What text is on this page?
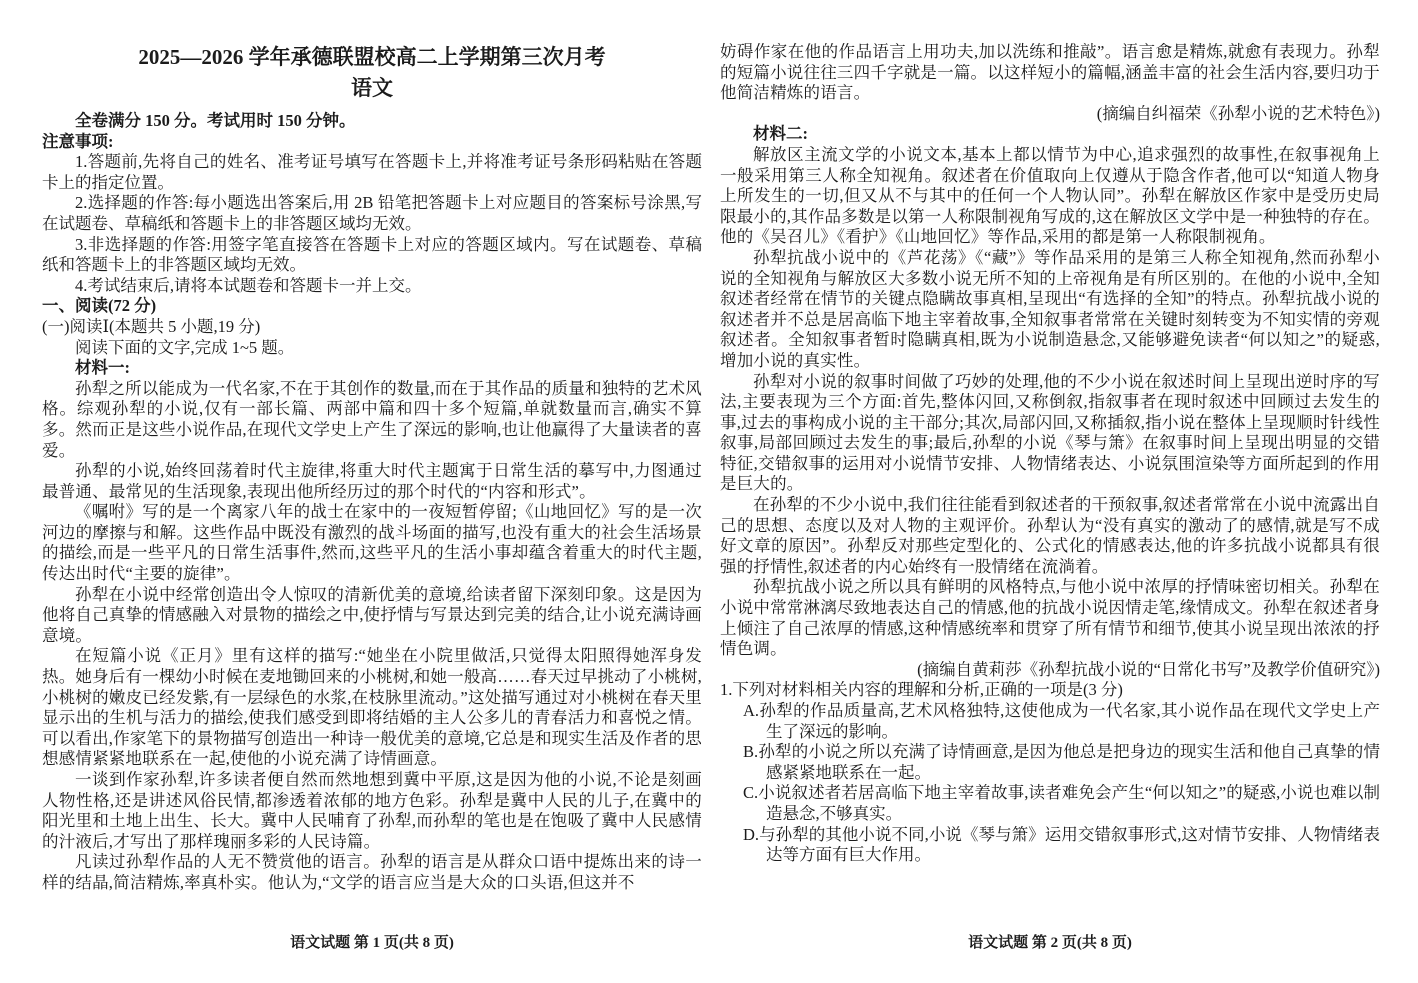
2025—2026 学年承德联盟校高二上学期第三次月考

语文

全卷满分 150 分。考试用时 150 分钟。

注意事项:

1.答题前,先将自己的姓名、准考证号填写在答题卡上,并将准考证号条形码粘贴在答题卡上的指定位置。

2.选择题的作答:每小题选出答案后,用 2B 铅笔把答题卡上对应题目的答案标号涂黑,写在试题卷、草稿纸和答题卡上的非答题区域均无效。

3.非选择题的作答:用签字笔直接答在答题卡上对应的答题区域内。写在试题卷、草稿纸和答题卡上的非答题区域均无效。

4.考试结束后,请将本试题卷和答题卡一并上交。

一、阅读(72 分)

(一)阅读Ⅰ(本题共 5 小题,19 分)

阅读下面的文字,完成 1~5 题。

材料一:

孙犁之所以能成为一代名家,不在于其创作的数量,而在于其作品的质量和独特的艺术风格。综观孙犁的小说,仅有一部长篇、两部中篇和四十多个短篇,单就数量而言,确实不算多。然而正是这些小说作品,在现代文学史上产生了深远的影响,也让他赢得了大量读者的喜爱。

孙犁的小说,始终回荡着时代主旋律,将重大时代主题寓于日常生活的摹写中,力图通过最普通、最常见的生活现象,表现出他所经历过的那个时代的“内容和形式”。

《嘱咐》写的是一个离家八年的战士在家中的一夜短暂停留;《山地回忆》写的是一次河边的摩擦与和解。这些作品中既没有激烈的战斗场面的描写,也没有重大的社会生活场景的描绘,而是一些平凡的日常生活事件,然而,这些平凡的生活小事却蕴含着重大的时代主题,传达出时代“主要的旋律”。

孙犁在小说中经常创造出令人惊叹的清新优美的意境,给读者留下深刻印象。这是因为他将自己真挚的情感融入对景物的描绘之中,使抒情与写景达到完美的结合,让小说充满诗画意境。

在短篇小说《正月》里有这样的描写:“她坐在小院里做活,只觉得太阳照得她浑身发热。她身后有一棵幼小时候在麦地锄回来的小桃树,和她一般高……春天过早挑动了小桃树,小桃树的嫩皮已经发紫,有一层绿色的水浆,在枝脉里流动。”这处描写通过对小桃树在春天里显示出的生机与活力的描绘,使我们感受到即将结婚的主人公多儿的青春活力和喜悦之情。可以看出,作家笔下的景物描写创造出一种诗一般优美的意境,它总是和现实生活及作者的思想感情紧紧地联系在一起,使他的小说充满了诗情画意。

一谈到作家孙犁,许多读者便自然而然地想到冀中平原,这是因为他的小说,不论是刻画人物性格,还是讲述风俗民情,都渗透着浓郁的地方色彩。孙犁是冀中人民的儿子,在冀中的阳光里和土地上出生、长大。冀中人民哺育了孙犁,而孙犁的笔也是在饱吸了冀中人民感情的汁液后,才写出了那样瑰丽多彩的人民诗篇。

凡读过孙犁作品的人无不赞赏他的语言。孙犁的语言是从群众口语中提炼出来的诗一样的结晶,简洁精炼,率真朴实。他认为,“文学的语言应当是大众的口头语,但这并不

妨碍作家在他的作品语言上用功夫,加以洗练和推敲”。语言愈是精炼,就愈有表现力。孙犁的短篇小说往往三四千字就是一篇。以这样短小的篇幅,涵盖丰富的社会生活内容,要归功于他简洁精炼的语言。

(摘编自纠福荣《孙犁小说的艺术特色》)

材料二:

解放区主流文学的小说文本,基本上都以情节为中心,追求强烈的故事性,在叙事视角上一般采用第三人称全知视角。叙述者在价值取向上仅遵从于隐含作者,他可以“知道人物身上所发生的一切,但又从不与其中的任何一个人物认同”。孙犁在解放区作家中是受历史局限最小的,其作品多数是以第一人称限制视角写成的,这在解放区文学中是一种独特的存在。他的《吴召儿》《看护》《山地回忆》等作品,采用的都是第一人称限制视角。

孙犁抗战小说中的《芦花荡》《“藏”》等作品采用的是第三人称全知视角,然而孙犁小说的全知视角与解放区大多数小说无所不知的上帝视角是有所区别的。在他的小说中,全知叙述者经常在情节的关键点隐瞒故事真相,呈现出“有选择的全知”的特点。孙犁抗战小说的叙述者并不总是居高临下地主宰着故事,全知叙事者常常在关键时刻转变为不知实情的旁观叙述者。全知叙事者暂时隐瞒真相,既为小说制造悬念,又能够避免读者“何以知之”的疑惑,增加小说的真实性。

孙犁对小说的叙事时间做了巧妙的处理,他的不少小说在叙述时间上呈现出逆时序的写法,主要表现为三个方面:首先,整体闪回,又称倒叙,指叙事者在现时叙述中回顾过去发生的事,过去的事构成小说的主干部分;其次,局部闪回,又称插叙,指小说在整体上呈现顺时针线性叙事,局部回顾过去发生的事;最后,孙犁的小说《琴与箫》在叙事时间上呈现出明显的交错特征,交错叙事的运用对小说情节安排、人物情绪表达、小说氛围渲染等方面所起到的作用是巨大的。

在孙犁的不少小说中,我们往往能看到叙述者的干预叙事,叙述者常常在小说中流露出自己的思想、态度以及对人物的主观评价。孙犁认为“没有真实的激动了的感情,就是写不成好文章的原因”。孙犁反对那些定型化的、公式化的情感表达,他的许多抗战小说都具有很强的抒情性,叙述者的内心始终有一股情绪在流淌着。

孙犁抗战小说之所以具有鲜明的风格特点,与他小说中浓厚的抒情味密切相关。孙犁在小说中常常淋漓尽致地表达自己的情感,他的抗战小说因情走笔,缘情成文。孙犁在叙述者身上倾注了自己浓厚的情感,这种情感统率和贯穿了所有情节和细节,使其小说呈现出浓浓的抒情色调。

(摘编自黄莉莎《孙犁抗战小说的“日常化书写”及教学价值研究》)

1.下列对材料相关内容的理解和分析,正确的一项是(3 分)

A.孙犁的作品质量高,艺术风格独特,这使他成为一代名家,其小说作品在现代文学史上产生了深远的影响。

B.孙犁的小说之所以充满了诗情画意,是因为他总是把身边的现实生活和他自己真挚的情感紧紧地联系在一起。

C.小说叙述者若居高临下地主宰着故事,读者难免会产生“何以知之”的疑惑,小说也难以制造悬念,不够真实。

D.与孙犁的其他小说不同,小说《琴与箫》运用交错叙事形式,这对情节安排、人物情绪表达等方面有巨大作用。

语文试题 第 1 页(共 8 页)	语文试题 第 2 页(共 8 页)
